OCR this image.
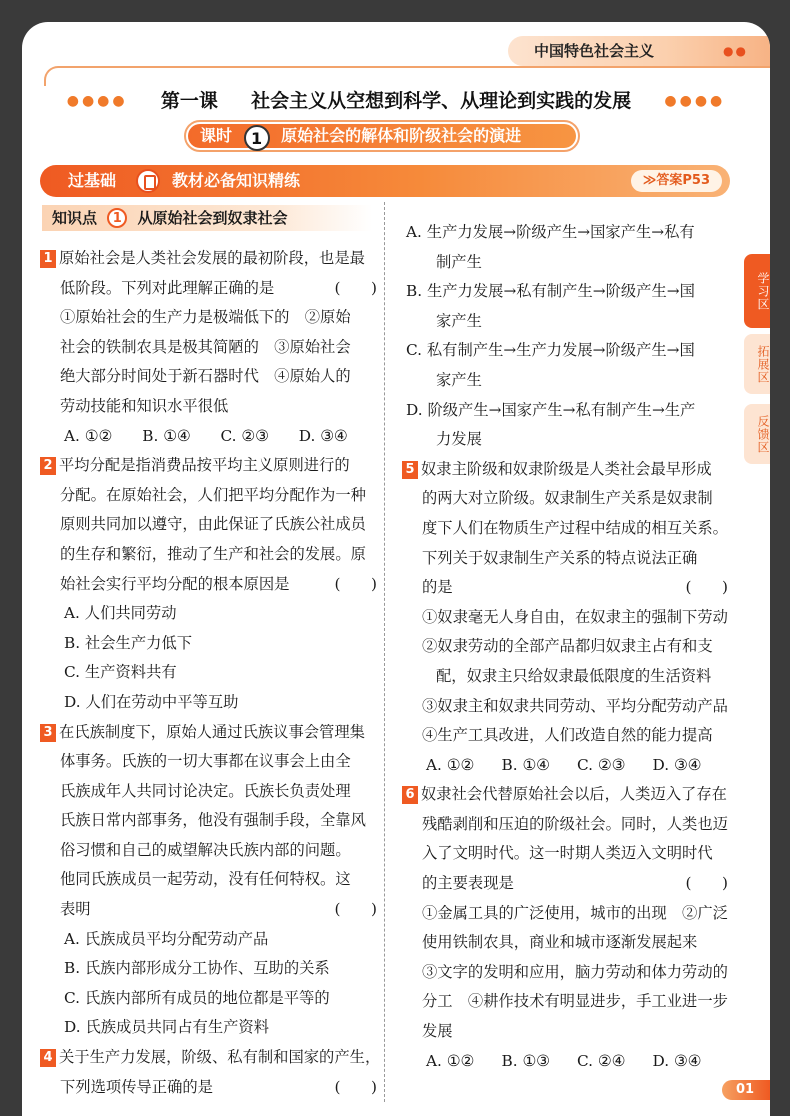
中国特色社会主义	●●
●●●● 第一课 社会主义从空想到科学、从理论到实践的发展 ●●●●
课时 1 原始社会的解体和阶级社会的演进
过基础	教材必备知识精练	≫答案P53
知识点 1 从原始社会到奴隶社会
1 原始社会是人类社会发展的最初阶段，也是最
低阶段。下列对此理解正确的是	(　　)
①原始社会的生产力是极端低下的　②原始
社会的铁制农具是极其简陋的　③原始社会
绝大部分时间处于新石器时代　④原始人的
劳动技能和知识水平很低
A. ①②	B. ①④	C. ②③	D. ③④
2 平均分配是指消费品按平均主义原则进行的
分配。在原始社会，人们把平均分配作为一种
原则共同加以遵守，由此保证了氏族公社成员
的生存和繁衍，推动了生产和社会的发展。原
始社会实行平均分配的根本原因是	(　　)
A. 人们共同劳动
B. 社会生产力低下
C. 生产资料共有
D. 人们在劳动中平等互助
3 在氏族制度下，原始人通过氏族议事会管理集
体事务。氏族的一切大事都在议事会上由全
氏族成年人共同讨论决定。氏族长负责处理
氏族日常内部事务，他没有强制手段，全靠风
俗习惯和自己的威望解决氏族内部的问题。
他同氏族成员一起劳动，没有任何特权。这
表明	(　　)
A. 氏族成员平均分配劳动产品
B. 氏族内部形成分工协作、互助的关系
C. 氏族内部所有成员的地位都是平等的
D. 氏族成员共同占有生产资料
4 关于生产力发展，阶级、私有制和国家的产生，
下列选项传导正确的是	(　　)
A. 生产力发展→阶级产生→国家产生→私有
制产生
B. 生产力发展→私有制产生→阶级产生→国
家产生
C. 私有制产生→生产力发展→阶级产生→国
家产生
D. 阶级产生→国家产生→私有制产生→生产
力发展
5 奴隶主阶级和奴隶阶级是人类社会最早形成
的两大对立阶级。奴隶制生产关系是奴隶制
度下人们在物质生产过程中结成的相互关系。
下列关于奴隶制生产关系的特点说法正确
的是	(　　)
①奴隶毫无人身自由，在奴隶主的强制下劳动
②奴隶劳动的全部产品都归奴隶主占有和支
配，奴隶主只给奴隶最低限度的生活资料
③奴隶主和奴隶共同劳动、平均分配劳动产品
④生产工具改进，人们改造自然的能力提高
A. ①②	B. ①④	C. ②③	D. ③④
6 奴隶社会代替原始社会以后，人类迈入了存在
残酷剥削和压迫的阶级社会。同时，人类也迈
入了文明时代。这一时期人类迈入文明时代
的主要表现是	(　　)
①金属工具的广泛使用，城市的出现　②广泛
使用铁制农具，商业和城市逐渐发展起来
③文字的发明和应用，脑力劳动和体力劳动的
分工　④耕作技术有明显进步，手工业进一步
发展
A. ①②	B. ①③	C. ②④	D. ③④
学习区
拓展区
反馈区
01
